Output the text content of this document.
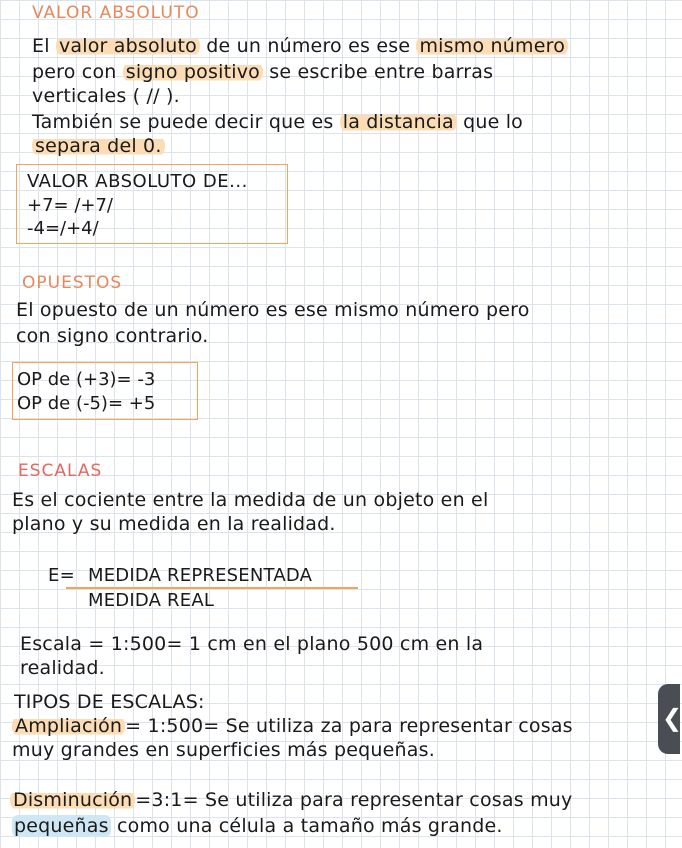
VALOR ABSOLUTO
El valor absoluto de un número es ese mismo número
pero con signo positivo se escribe entre barras
verticales ( // ).
También se puede decir que es la distancia que lo
separa del 0.
VALOR ABSOLUTO DE...
+7= /+7/
-4=/+4/
OPUESTOS
El opuesto de un número es ese mismo número pero
con signo contrario.
OP de (+3)= -3
OP de (-5)= +5
ESCALAS
Es el cociente entre la medida de un objeto en el
plano y su medida en la realidad.
E= MEDIDA REPRESENTADA
MEDIDA REAL
Escala = 1:500= 1 cm en el plano 500 cm en la
realidad.
TIPOS DE ESCALAS:
Ampliación = 1:500= Se utiliza za para representar cosas
muy grandes en superficies más pequeñas.
Disminución =3:1= Se utiliza para representar cosas muy
pequeñas como una célula a tamaño más grande.
❮
